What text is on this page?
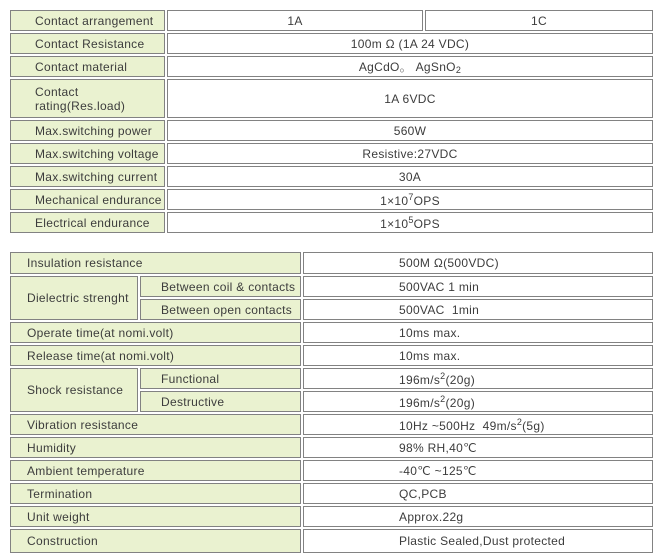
Contact arrangement	1A	1C
Contact Resistance	100m Ω (1A 24 VDC)	
Contact material	AgCdO。 AgSnO$_2$
Contact rating(Res.load)	1A 6VDC	
Max.switching power	560W	
Max.switching voltage	Resistive:27VDC	
Max.switching current	30A	
Mechanical endurance	$1\times 10^7OPS$	
Electrical endurance	$1\times 10^5OPS$	
Insulation resistance		500M Ω(500VDC)
Dielectric strenght	Between coil & contacts	500VAC 1 min
	Between open contacts	500VAC  1min
Operate time(at nomi.volt)		10ms max.
Release time(at nomi.volt)		10ms max.
Shock resistance	Functional	$196m/s^2(20g)$
	Destructive	$196m/s^2(20g)$
Vibration resistance		10Hz ~500Hz  $49m/s^2(5g)$
Humidity		98% RH,40℃
Ambient temperature		-40℃ ~125℃
Termination		QC,PCB
Unit weight		Approx.22g
Construction		Plastic Sealed,Dust protected
